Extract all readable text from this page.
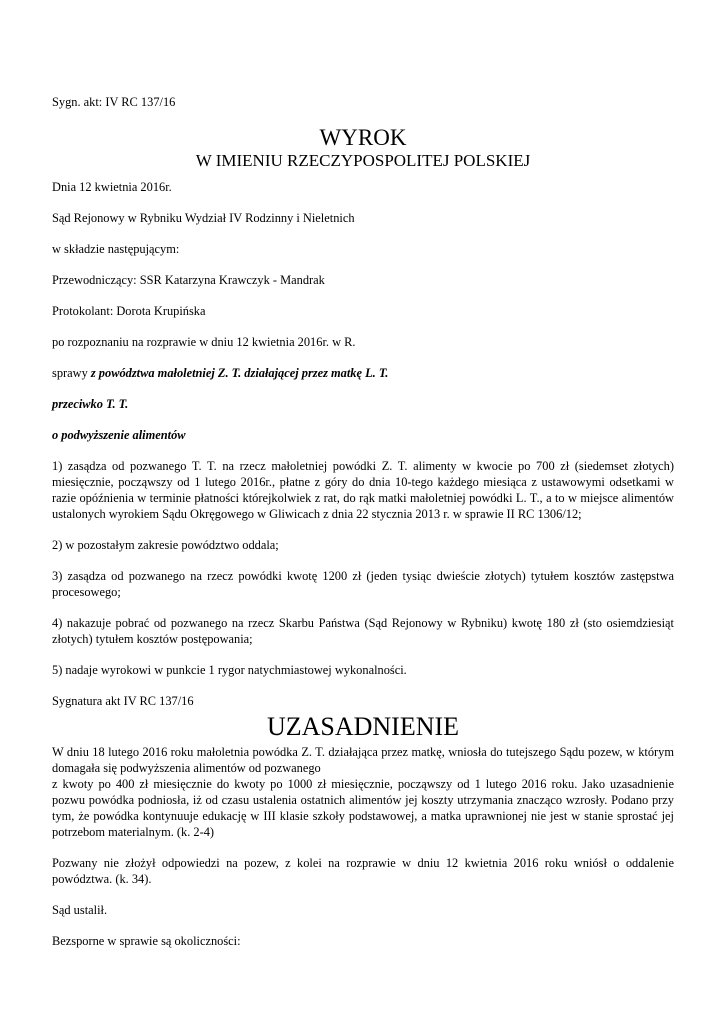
Sygn. akt: IV RC 137/16

WYROK

W IMIENIU RZECZYPOSPOLITEJ POLSKIEJ

Dnia 12 kwietnia 2016r.

Sąd Rejonowy w Rybniku Wydział IV Rodzinny i Nieletnich

w składzie następującym:

Przewodniczący: SSR Katarzyna Krawczyk - Mandrak

Protokolant: Dorota Krupińska

po rozpoznaniu na rozprawie w dniu 12 kwietnia 2016r. w R.

sprawy z powództwa małoletniej Z. T. działającej przez matkę L. T.

przeciwko T. T.

o podwyższenie alimentów

1) zasądza od pozwanego T. T. na rzecz małoletniej powódki Z. T. alimenty w kwocie po 700 zł (siedemset złotych) miesięcznie, począwszy od 1 lutego 2016r., płatne z góry do dnia 10-tego każdego miesiąca z ustawowymi odsetkami w razie opóźnienia w terminie płatności którejkolwiek z rat, do rąk matki małoletniej powódki L. T., a to w miejsce alimentów ustalonych wyrokiem Sądu Okręgowego w Gliwicach z dnia 22 stycznia 2013 r. w sprawie II RC 1306/12;

2) w pozostałym zakresie powództwo oddala;

3) zasądza od pozwanego na rzecz powódki kwotę 1200 zł (jeden tysiąc dwieście złotych) tytułem kosztów zastępstwa procesowego;

4) nakazuje pobrać od pozwanego na rzecz Skarbu Państwa (Sąd Rejonowy w Rybniku) kwotę 180 zł (sto osiemdziesiąt złotych) tytułem kosztów postępowania;

5) nadaje wyrokowi w punkcie 1 rygor natychmiastowej wykonalności.

Sygnatura akt IV RC 137/16

UZASADNIENIE

W dniu 18 lutego 2016 roku małoletnia powódka Z. T. działająca przez matkę, wniosła do tutejszego Sądu pozew, w którym domagała się podwyższenia alimentów od pozwanego

z kwoty po 400 zł miesięcznie do kwoty po 1000 zł miesięcznie, począwszy od 1 lutego 2016 roku. Jako uzasadnienie pozwu powódka podniosła, iż od czasu ustalenia ostatnich alimentów jej koszty utrzymania znacząco wzrosły. Podano przy tym, że powódka kontynuuje edukację w III klasie szkoły podstawowej, a matka uprawnionej nie jest w stanie sprostać jej potrzebom materialnym. (k. 2-4)

Pozwany nie złożył odpowiedzi na pozew, z kolei na rozprawie w dniu 12 kwietnia 2016 roku wniósł o oddalenie powództwa. (k. 34).

Sąd ustalił.

Bezsporne w sprawie są okoliczności:
